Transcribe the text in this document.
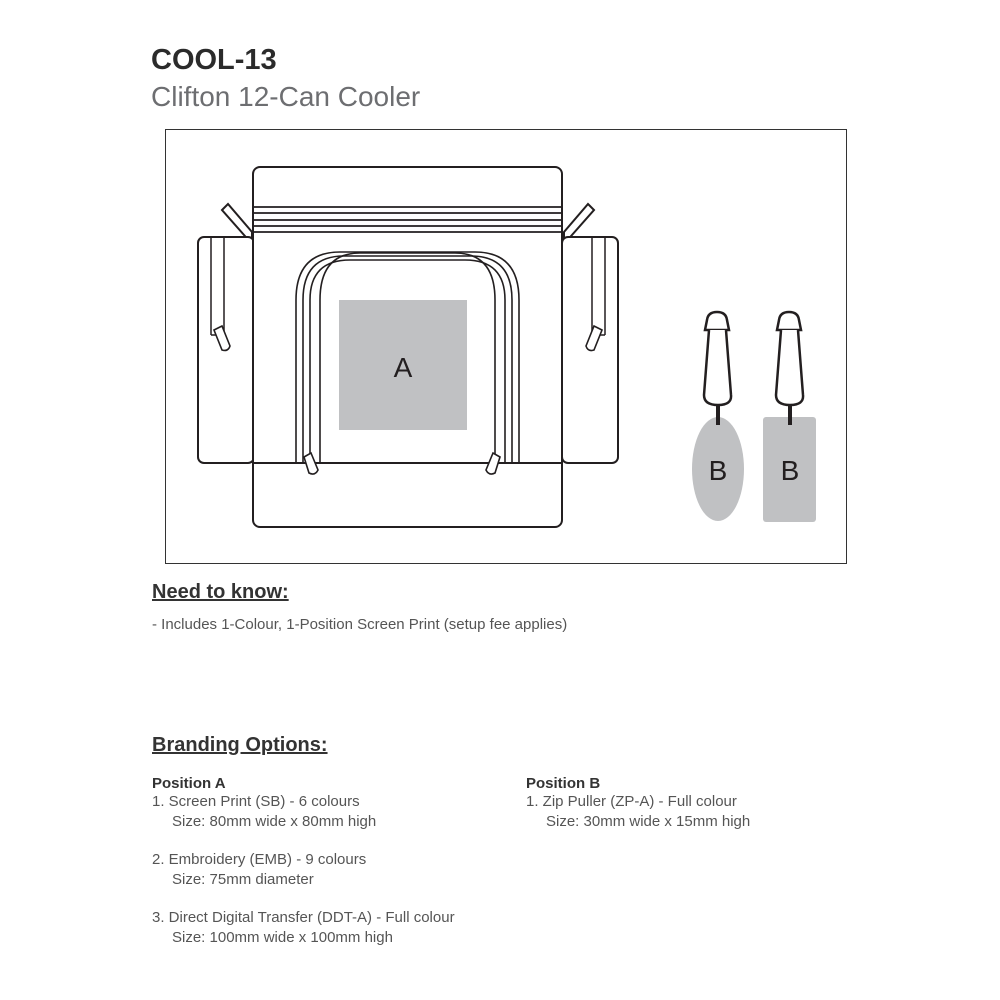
COOL-13
Clifton 12-Can Cooler
A
B B
Need to know:
- Includes 1-Colour, 1-Position Screen Print (setup fee applies)
Branding Options:
Position A
1. Screen Print (SB) - 6 colours
Size: 80mm wide x 80mm high
2. Embroidery (EMB) - 9 colours
Size: 75mm diameter
3. Direct Digital Transfer (DDT-A) - Full colour
Size: 100mm wide x 100mm high
Position B
1. Zip Puller (ZP-A) - Full colour
Size: 30mm wide x 15mm high
